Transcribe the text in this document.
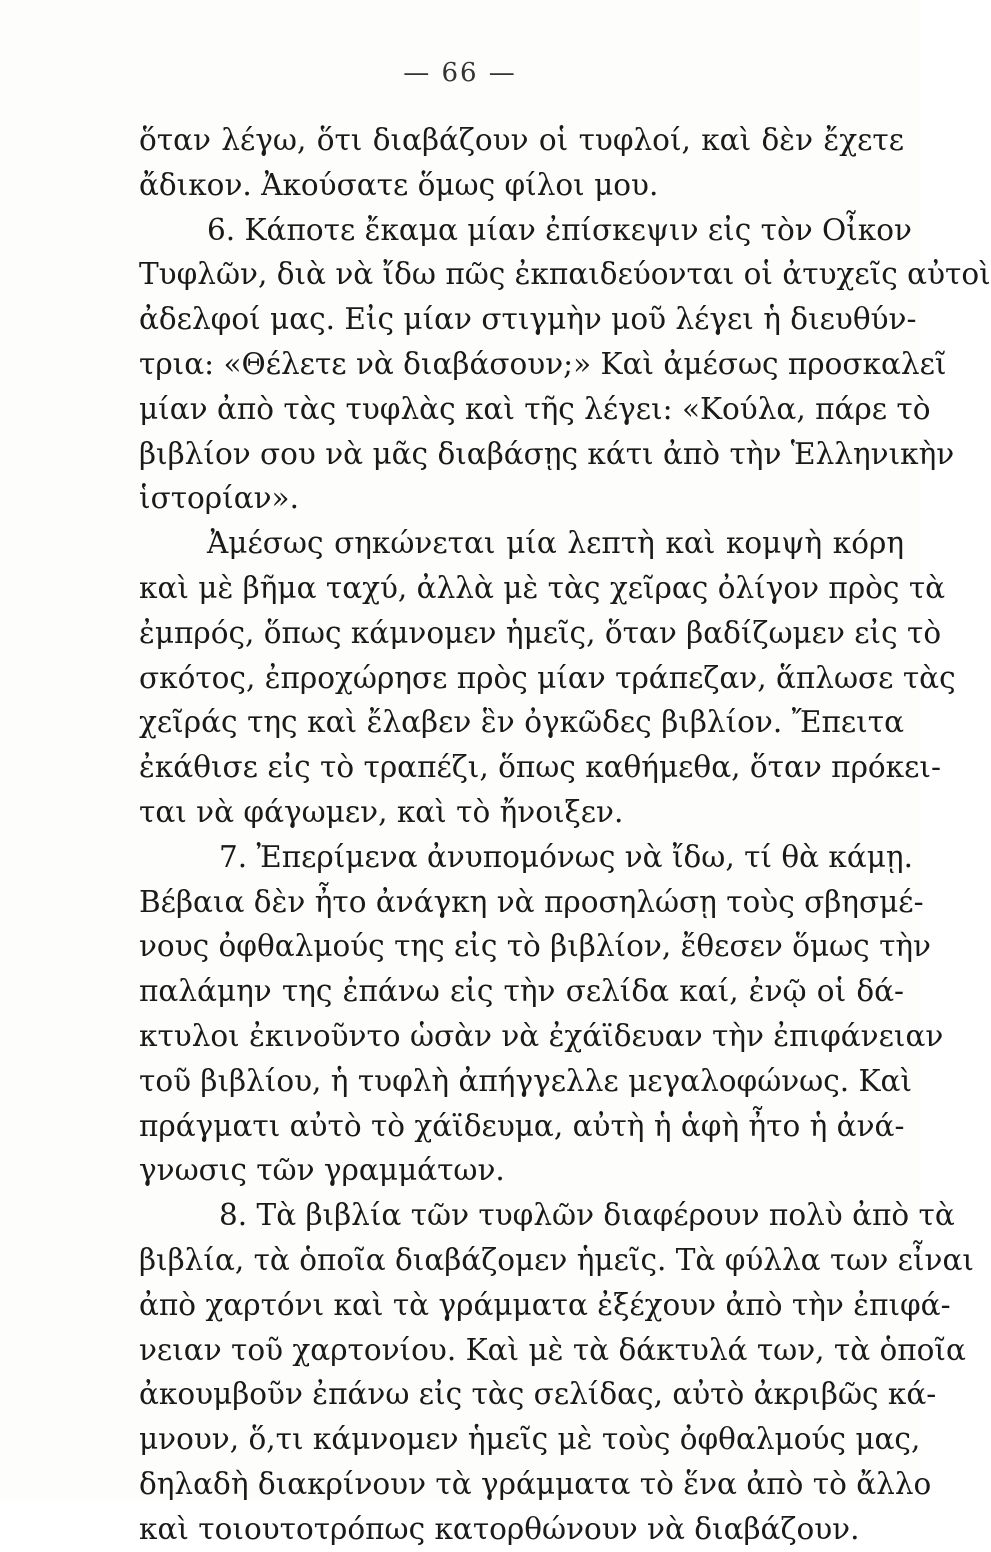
— 66 —
ὅταν λέγω, ὅτι διαβάζουν οἱ τυφλοί, καὶ δὲν ἔχετε
ἄδικον. Ἀκούσατε ὅμως φίλοι μου.
6. Κάποτε ἔκαμα μίαν ἐπίσκεψιν εἰς τὸν Οἶκον
Τυφλῶν, διὰ νὰ ἴδω πῶς ἐκπαιδεύονται οἱ ἀτυχεῖς αὐτοὶ
ἀδελφοί μας. Εἰς μίαν στιγμὴν μοῦ λέγει ἡ διευθύν-
τρια: «Θέλετε νὰ διαβάσουν;» Καὶ ἀμέσως προσκαλεῖ
μίαν ἀπὸ τὰς τυφλὰς καὶ τῆς λέγει: «Κούλα, πάρε τὸ
βιβλίον σου νὰ μᾶς διαβάσῃς κάτι ἀπὸ τὴν Ἑλληνικὴν
ἱστορίαν».
Ἀμέσως σηκώνεται μία λεπτὴ καὶ κομψὴ κόρη
καὶ μὲ βῆμα ταχύ, ἀλλὰ μὲ τὰς χεῖρας ὀλίγον πρὸς τὰ
ἐμπρός, ὅπως κάμνομεν ἡμεῖς, ὅταν βαδίζωμεν εἰς τὸ
σκότος, ἐπροχώρησε πρὸς μίαν τράπεζαν, ἅπλωσε τὰς
χεῖράς της καὶ ἔλαβεν ἓν ὀγκῶδες βιβλίον. Ἔπειτα
ἐκάθισε εἰς τὸ τραπέζι, ὅπως καθήμεθα, ὅταν πρόκει-
ται νὰ φάγωμεν, καὶ τὸ ἤνοιξεν.
7. Ἐπερίμενα ἀνυπομόνως νὰ ἴδω, τί θὰ κάμῃ.
Βέβαια δὲν ἦτο ἀνάγκη νὰ προσηλώσῃ τοὺς σβησμέ-
νους ὀφθαλμούς της εἰς τὸ βιβλίον, ἔθεσεν ὅμως τὴν
παλάμην της ἐπάνω εἰς τὴν σελίδα καί, ἐνῷ οἱ δά-
κτυλοι ἐκινοῦντο ὡσὰν νὰ ἐχάϊδευαν τὴν ἐπιφάνειαν
τοῦ βιβλίου, ἡ τυφλὴ ἀπήγγελλε μεγαλοφώνως. Καὶ
πράγματι αὐτὸ τὸ χάϊδευμα, αὐτὴ ἡ ἁφὴ ἦτο ἡ ἀνά-
γνωσις τῶν γραμμάτων.
8. Τὰ βιβλία τῶν τυφλῶν διαφέρουν πολὺ ἀπὸ τὰ
βιβλία, τὰ ὁποῖα διαβάζομεν ἡμεῖς. Τὰ φύλλα των εἶναι
ἀπὸ χαρτόνι καὶ τὰ γράμματα ἐξέχουν ἀπὸ τὴν ἐπιφά-
νειαν τοῦ χαρτονίου. Καὶ μὲ τὰ δάκτυλά των, τὰ ὁποῖα
ἀκουμβοῦν ἐπάνω εἰς τὰς σελίδας, αὐτὸ ἀκριβῶς κά-
μνουν, ὅ,τι κάμνομεν ἡμεῖς μὲ τοὺς ὀφθαλμούς μας,
δηλαδὴ διακρίνουν τὰ γράμματα τὸ ἕνα ἀπὸ τὸ ἄλλο
καὶ τοιουτοτρόπως κατορθώνουν νὰ διαβάζουν.
